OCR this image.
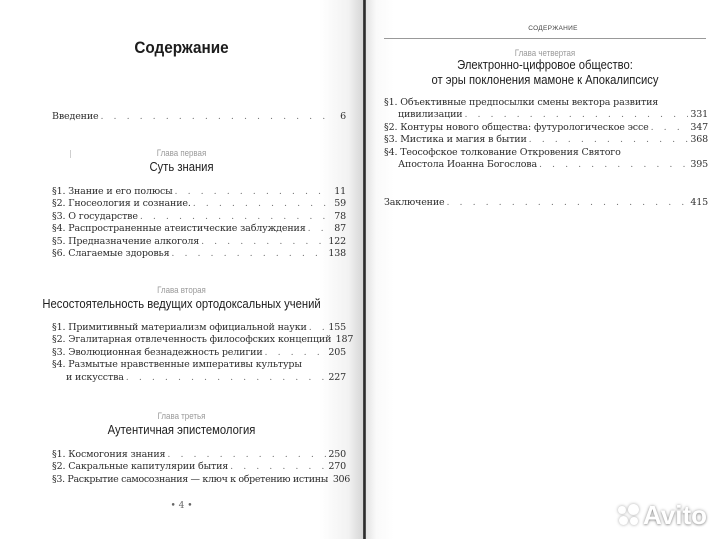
Содержание
Введение . . .	6
Глава первая
Суть знания
§1. Знание и его полюсы . . .	11
§2. Гносеология и сознание. . . .	59
§3. О государстве . . .	78
§4. Распространенные атеистические заблуждения . . .	87
§5. Предназначение алкоголя . . .	122
§6. Слагаемые здоровья . . .	138
Глава вторая
Несостоятельность ведущих ортодоксальных учений
§1. Примитивный материализм официальной науки . . . 155
§2. Эгалитарная отвлеченность философских концепций 187
§3. Эволюционная безнадежность религии . . .	205
§4. Размытые нравственные императивы культуры
и искусства . . .	227
Глава третья
Аутентичная эпистемология
§1. Космогония знания . . .	250
§2. Сакральные капитулярии бытия . . .	270
§3. Раскрытие самосознания — ключ к обретению истины 306
• 4 •
СОДЕРЖАНИЕ
Глава четвертая
Электронно-цифровое общество:
от эры поклонения мамоне к Апокалипсису
§1. Объективные предпосылки смены вектора развития
цивилизации . . .	331
§2. Контуры нового общества: футурологическое эссе . . .	347
§3. Мистика и магия в бытии . . .	368
§4. Теософское толкование Откровения Святого
Апостола Иоанна Богослова . . .	395
Заключение . . .	415
Avito
